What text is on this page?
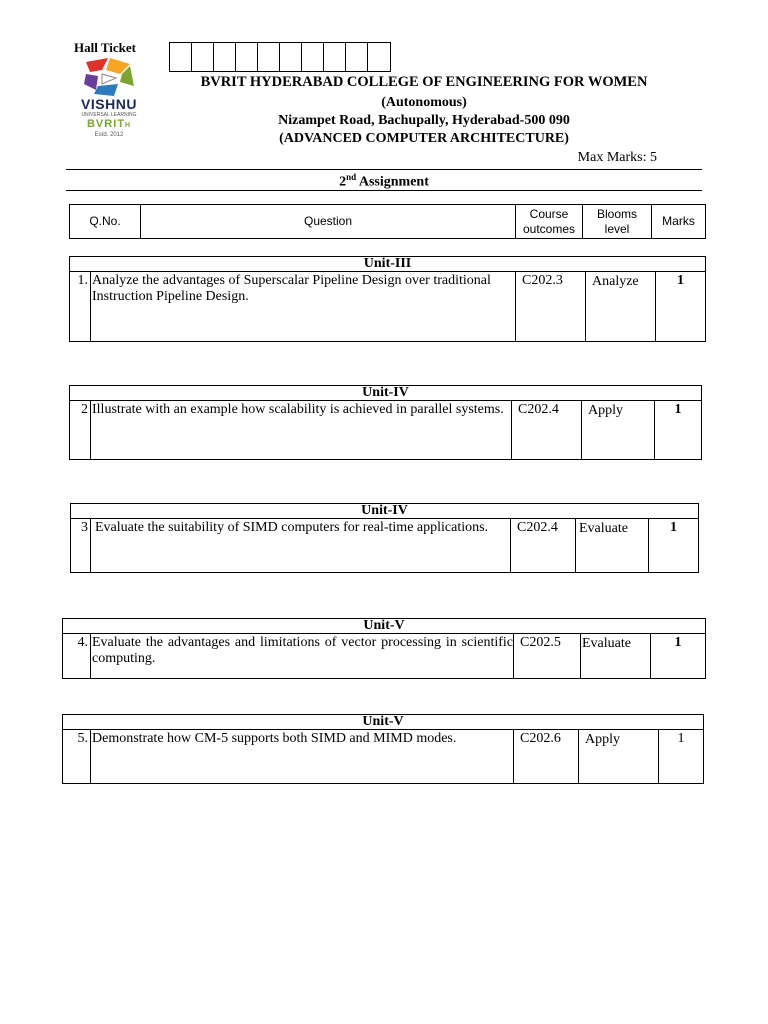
Hall Ticket
VISHNU
UNIVERSAL LEARNING
BVRITH
Estd. 2012
BVRIT HYDERABAD COLLEGE OF ENGINEERING FOR WOMEN
(Autonomous)
Nizampet Road, Bachupally, Hyderabad-500 090
(ADVANCED COMPUTER ARCHITECTURE)
Max Marks: 5
2nd Assignment
Q.No.	Question	Course outcomes	Blooms level	Marks
Unit-III
1.	Analyze the advantages of Superscalar Pipeline Design over traditional Instruction Pipeline Design.	C202.3	Analyze	1
Unit-IV
2	Illustrate with an example how scalability is achieved in parallel systems.	C202.4	Apply	1
Unit-IV
3	Evaluate the suitability of SIMD computers for real-time applications.	C202.4	Evaluate	1
Unit-V
4.	Evaluate the advantages and limitations of vector processing in scientific computing.	C202.5	Evaluate	1
Unit-V
5.	Demonstrate how CM-5 supports both SIMD and MIMD modes.	C202.6	Apply	1
